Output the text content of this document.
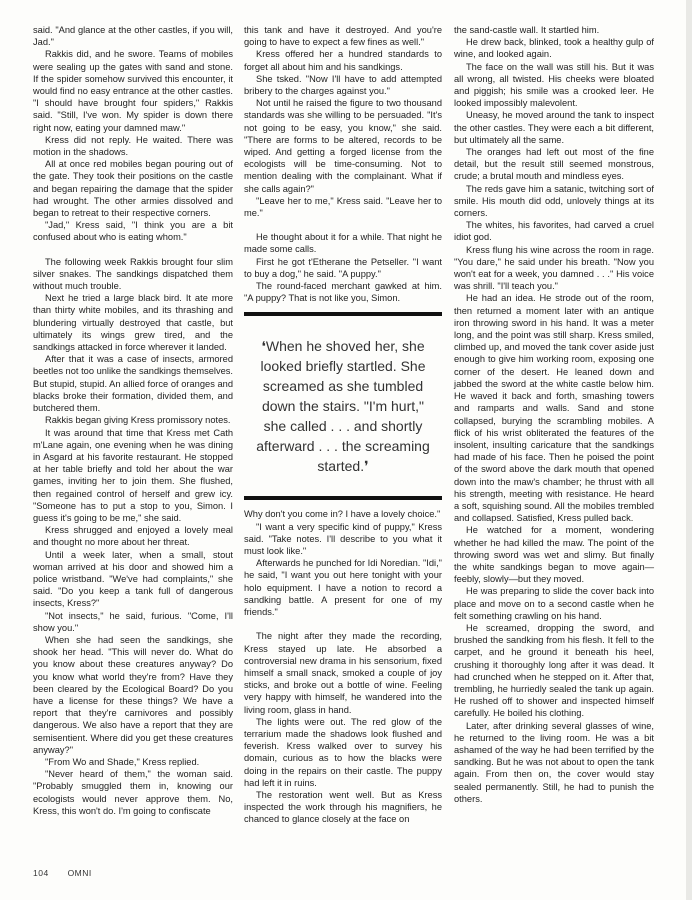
said. "And glance at the other castles, if you will, Jad."

Rakkis did, and he swore. Teams of mobiles were sealing up the gates with sand and stone. If the spider somehow survived this encounter, it would find no easy entrance at the other castles. "I should have brought four spiders," Rakkis said. "Still, I've won. My spider is down there right now, eating your damned maw."

Kress did not reply. He waited. There was motion in the shadows.

All at once red mobiles began pouring out of the gate. They took their positions on the castle and began repairing the damage that the spider had wrought. The other armies dissolved and began to retreat to their respective corners.

"Jad," Kress said, "I think you are a bit confused about who is eating whom."

The following week Rakkis brought four slim silver snakes. The sandkings dispatched them without much trouble.

Next he tried a large black bird. It ate more than thirty white mobiles, and its thrashing and blundering virtually destroyed that castle, but ultimately its wings grew tired, and the sandkings attacked in force wherever it landed.

After that it was a case of insects, armored beetles not too unlike the sandkings themselves. But stupid, stupid. An allied force of oranges and blacks broke their formation, divided them, and butchered them.

Rakkis began giving Kress promissory notes.

It was around that time that Kress met Cath m'Lane again, one evening when he was dining in Asgard at his favorite restaurant. He stopped at her table briefly and told her about the war games, inviting her to join them. She flushed, then regained control of herself and grew icy. "Someone has to put a stop to you, Simon. I guess it's going to be me," she said.

Kress shrugged and enjoyed a lovely meal and thought no more about her threat.

Until a week later, when a small, stout woman arrived at his door and showed him a police wristband. "We've had complaints," she said. "Do you keep a tank full of dangerous insects, Kress?"

"Not insects," he said, furious. "Come, I'll show you."

When she had seen the sandkings, she shook her head. "This will never do. What do you know about these creatures anyway? Do you know what world they're from? Have they been cleared by the Ecological Board? Do you have a license for these things? We have a report that they're carnivores and possibly dangerous. We also have a report that they are semisentient. Where did you get these creatures anyway?"

"From Wo and Shade," Kress replied.

"Never heard of them," the woman said. "Probably smuggled them in, knowing our ecologists would never approve them. No, Kress, this won't do. I'm going to confiscate

this tank and have it destroyed. And you're going to have to expect a few fines as well."

Kress offered her a hundred standards to forget all about him and his sandkings.

She tsked. "Now I'll have to add attempted bribery to the charges against you."

Not until he raised the figure to two thousand standards was she willing to be persuaded. "It's not going to be easy, you know," she said. "There are forms to be altered, records to be wiped. And getting a forged license from the ecologists will be time-consuming. Not to mention dealing with the complainant. What if she calls again?"

"Leave her to me," Kress said. "Leave her to me."

He thought about it for a while. That night he made some calls.

First he got t'Etherane the Petseller. "I want to buy a dog," he said. "A puppy."

The round-faced merchant gawked at him. "A puppy? That is not like you, Simon.

❛When he shoved her, she looked briefly startled. She screamed as she tumbled down the stairs. "I'm hurt," she called . . . and shortly afterward . . . the screaming started.❜

Why don't you come in? I have a lovely choice."

"I want a very specific kind of puppy," Kress said. "Take notes. I'll describe to you what it must look like."

Afterwards he punched for Idi Noredian. "Idi," he said, "I want you out here tonight with your holo equipment. I have a notion to record a sandking battle. A present for one of my friends."

The night after they made the recording, Kress stayed up late. He absorbed a controversial new drama in his sensorium, fixed himself a small snack, smoked a couple of joy sticks, and broke out a bottle of wine. Feeling very happy with himself, he wandered into the living room, glass in hand.

The lights were out. The red glow of the terrarium made the shadows look flushed and feverish. Kress walked over to survey his domain, curious as to how the blacks were doing in the repairs on their castle. The puppy had left it in ruins.

The restoration went well. But as Kress inspected the work through his magnifiers, he chanced to glance closely at the face on

the sand-castle wall. It startled him.

He drew back, blinked, took a healthy gulp of wine, and looked again.

The face on the wall was still his. But it was all wrong, all twisted. His cheeks were bloated and piggish; his smile was a crooked leer. He looked impossibly malevolent.

Uneasy, he moved around the tank to inspect the other castles. They were each a bit different, but ultimately all the same.

The oranges had left out most of the fine detail, but the result still seemed monstrous, crude; a brutal mouth and mindless eyes.

The reds gave him a satanic, twitching sort of smile. His mouth did odd, unlovely things at its corners.

The whites, his favorites, had carved a cruel idiot god.

Kress flung his wine across the room in rage. "You dare," he said under his breath. "Now you won't eat for a week, you damned . . ." His voice was shrill. "I'll teach you."

He had an idea. He strode out of the room, then returned a moment later with an antique iron throwing sword in his hand. It was a meter long, and the point was still sharp. Kress smiled, climbed up, and moved the tank cover aside just enough to give him working room, exposing one corner of the desert. He leaned down and jabbed the sword at the white castle below him. He waved it back and forth, smashing towers and ramparts and walls. Sand and stone collapsed, burying the scrambling mobiles. A flick of his wrist obliterated the features of the insolent, insulting caricature that the sandkings had made of his face. Then he poised the point of the sword above the dark mouth that opened down into the maw's chamber; he thrust with all his strength, meeting with resistance. He heard a soft, squishing sound. All the mobiles trembled and collapsed. Satisfied, Kress pulled back.

He watched for a moment, wondering whether he had killed the maw. The point of the throwing sword was wet and slimy. But finally the white sandkings began to move again—feebly, slowly—but they moved.

He was preparing to slide the cover back into place and move on to a second castle when he felt something crawling on his hand.

He screamed, dropping the sword, and brushed the sandking from his flesh. It fell to the carpet, and he ground it beneath his heel, crushing it thoroughly long after it was dead. It had crunched when he stepped on it. After that, trembling, he hurriedly sealed the tank up again. He rushed off to shower and inspected himself carefully. He boiled his clothing.

Later, after drinking several glasses of wine, he returned to the living room. He was a bit ashamed of the way he had been terrified by the sandking. But he was not about to open the tank again. From then on, the cover would stay sealed permanently. Still, he had to punish the others.

104 OMNI
